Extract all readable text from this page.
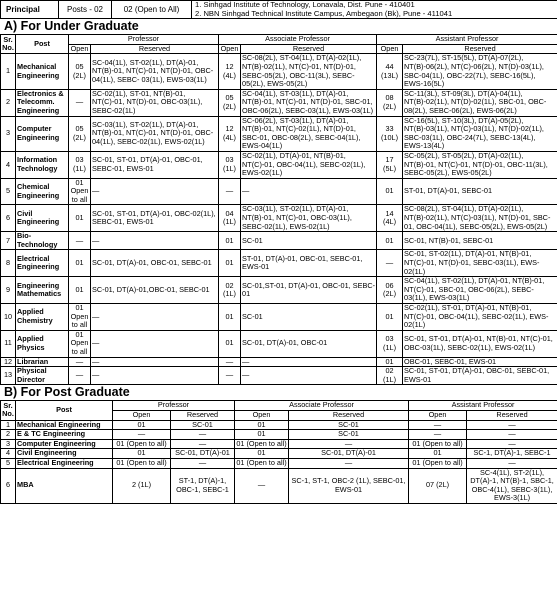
Principal	Posts - 02	02 (Open to All)	
1. Sinhgad Institute of Technology, Lonavala, Dist. Pune - 410401
2. NBN Sinhgad Technical Institute Campus, Ambegaon (Bk), Pune - 411041
A) For Under Graduate
Sr. No.	Post	Professor		Associate Professor		Assistant Professor	
		Open	Reserved	Open	Reserved	Open	Reserved
1	Mechanical Engineering	05 (2L)	SC-04(1L), ST-02(1L), DT(A)-01, NT(B)-01, NT(C)-01, NT(D)-01, OBC-04(1L), SEBC- 03(1L), EWS-03(1L)	12 (4L)	SC-08(2L), ST-04(1L), DT(A)-02(1L), NT(B)-02(1L), NT(C)-01, NT(D)-01, SEBC-05(2L), OBC-11(3L), SEBC-05(2L), EWS-05(2L)	44 (13L)	SC-23(7L), ST-15(5L), DT(A)-07(2L), NT(B)-06(2L), NT(C)-06(2L), NT(D)-03(1L), SBC-04(1L), OBC-22(7L), SEBC-16(5L), EWS-16(5L)
2	Electronics & Telecomm. Engineering	—	SC-02(1L), ST-01, NT(B)-01, NT(C)-01, NT(D)-01, OBC-03(1L), SEBC-02(1L)	05 (2L)	SC-04(1L), ST-03(1L), DT(A)-01, NT(B)-01, NT(C)-01, NT(D)-01, SBC-01, OBC-06(2L), SEBC-03(1L), EWS-03(1L)	08 (2L)	SC-11(3L), ST-09(3L), DT(A)-04(1L), NT(B)-02(1L), NT(D)-02(1L), SBC-01, OBC-08(2L), SEBC-06(2L), EWS-06(2L)
3	Computer Engineering	05 (2L)	SC-03(1L), ST-02(1L), DT(A)-01, NT(B)-01, NT(C)-01, NT(D)-01, OBC-04(1L), SEBC-02(1L), EWS-02(1L)	12 (4L)	SC-06(2L), ST-03(1L), DT(A)-01, NT(B)-01, NT(C)-02(1L), NT(D)-01, SBC-01, OBC-08(2L), SEBC-04(1L), EWS-04(1L)	33 (10L)	SC-16(5L), ST-10(3L), DT(A)-05(2L), NT(B)-03(1L), NT(C)-03(1L), NT(D)-02(1L), SBC-03(1L), OBC-24(7L), SEBC-13(4L), EWS-13(4L)
4	Information Technology	03 (1L)	SC-01, ST-01, DT(A)-01, OBC-01, SEBC-01, EWS-01	03 (1L)	SC-02(1L), DT(A)-01, NT(B)-01, NT(C)-01, OBC-04(1L), SEBC-02(1L), EWS-02(1L)	17 (5L)	SC-05(2L), ST-05(2L), DT(A)-02(1L), NT(B)-01, NT(C)-01, NT(D)-01, OBC-11(3L), SEBC-05(2L), EWS-05(2L)
5	Chemical Engineering	01 Open to all	—	—	—	01	ST-01, DT(A)-01, SEBC-01
6	Civil Engineering	01	SC-01, ST-01, DT(A)-01, OBC-02(1L), SEBC-01, EWS-01	04 (1L)	SC-03(1L), ST-02(1L), DT(A)-01, NT(B)-01, NT(C)-01, OBC-03(1L), SEBC-02(1L), EWS-02(1L)	14 (4L)	SC-08(2L), ST-04(1L), DT(A)-02(1L), NT(B)-02(1L), NT(C)-03(1L), NT(D)-01, SBC-01, OBC-04(1L), SEBC-05(2L), EWS-05(2L)
7	Bio-Technology	—	—	01	SC-01	01	SC-01, NT(B)-01, SEBC-01
8	Electrical Engineering	01	SC-01, DT(A)-01, OBC-01, SEBC-01	01	ST-01, DT(A)-01, OBC-01, SEBC-01, EWS-01	—	SC-01, ST-02(1L), DT(A)-01, NT(B)-01, NT(C)-01, NT(D)-01, SEBC-03(1L), EWS-02(1L)
9	Engineering Mathematics	01	SC-01, DT(A)-01,OBC-01, SEBC-01	02 (1L)	SC-01,ST-01, DT(A)-01, OBC-01, SEBC-01	06 (2L)	SC-04(1L), ST-02(1L), DT(A)-01, NT(B)-01, NT(C)-01, SBC-01, OBC-06(2L), SEBC-03(1L), EWS-03(1L)
10	Applied Chemistry	01 Open to all	—	01	SC-01	01	SC-02(1L), ST-01, DT(A)-01, NT(B)-01, NT(C)-01, OBC-04(1L), SEBC-02(1L), EWS-02(1L)
11	Applied Physics	01 Open to all	—	01	SC-01, DT(A)-01, OBC-01	03 (1L)	SC-01, ST-01, DT(A)-01, NT(B)-01, NT(C)-01, OBC-03(1L), SEBC-02(1L), EWS-02(1L)
12	Librarian	—	—	—	—	01	OBC-01, SEBC-01, EWS-01
13	Physical Director	—	—	—	—	02 (1L)	SC-01, ST-01, DT(A)-01, OBC-01, SEBC-01, EWS-01
B) For Post Graduate
Sr. No.	Post	Professor		Associate Professor		Assistant Professor	
		Open	Reserved	Open	Reserved	Open	Reserved
1	Mechanical Engineering	01	SC-01	01	SC-01	—	—
2	E & TC Engineering	—	—	01	SC-01	—	—
3	Computer Engineering	01 (Open to all)	—	01 (Open to all)	—	01 (Open to all)	—
4	Civil Engineering	01	SC-01, DT(A)-01	01	SC-01, DT(A)-01	01	SC-1, DT(A)-1, SEBC-1
5	Electrical Engineering	01 (Open to all)	—	01 (Open to all)	—	01 (Open to all)	—
6	MBA	2 (1L)	ST-1, DT(A)-1, OBC-1, SEBC-1	—	SC-1, ST-1, OBC-2 (1L), SEBC-01, EWS-01	07 (2L)	SC-4(1L), ST-2(1L), DT(A)-1, NT(B)-1, SBC-1, OBC-4(1L), SEBC-3(1L), EWS-3(1L)
